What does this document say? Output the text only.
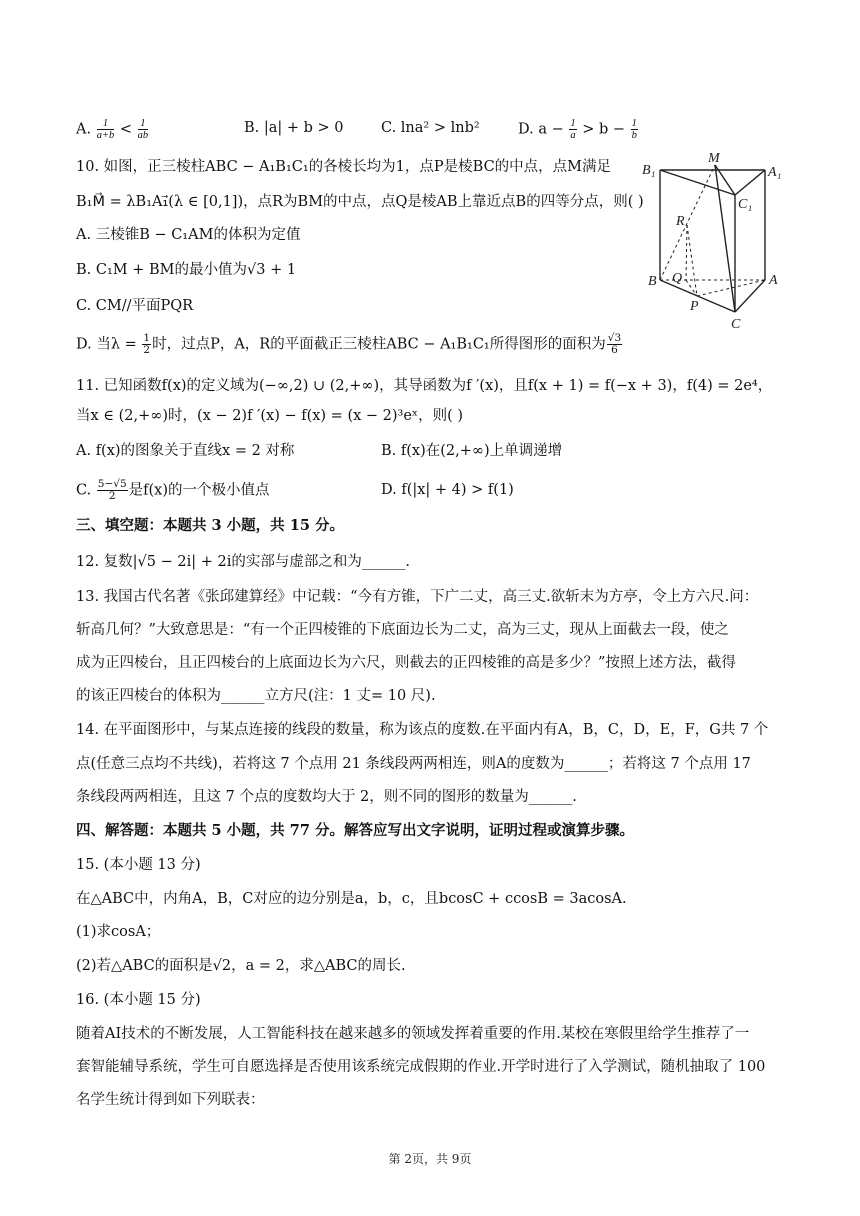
A. $\frac{1}{a+b} < \frac{1}{ab}$	B. |a| + b > 0	C. lna² > lnb²	D. $a - \frac{1}{a} > b - \frac{1}{b}$
10. 如图，正三棱柱ABC − A₁B₁C₁的各棱长均为1，点P是棱BC的中点，点M满足
B₁M⃗ = λB₁A₁⃗(λ ∈ [0,1])，点R为BM的中点，点Q是棱AB上靠近点B的四等分点，则( )
A. 三棱锥B − C₁AM的体积为定值
B. C₁M + BM的最小值为√3 + 1
C. CM//平面PQR
D. 当$\lambda = \frac{1}{2}$ 时，过点P，A，R的平面截正三棱柱ABC − A₁B₁C₁所得图形的面积为 $\frac{√3}{6}$
B₁
M
A₁
C₁
R
B Q
P
A
C
11. 已知函数f(x)的定义域为(−∞,2) ∪ (2,+∞)，其导函数为f ′(x)，且f(x + 1) = f(−x + 3)，f(4) = 2e⁴，
当x ∈ (2,+∞)时，(x − 2)f ′(x) − f(x) = (x − 2)³eˣ，则( )
A. f(x)的图象关于直线x = 2 对称	B. f(x)在(2,+∞)上单调递增
C. $\frac{5-√5}{2}$ 是f(x)的一个极小值点	D. f(|x| + 4) > f(1)
三、填空题：本题共 3 小题，共 15 分。
12. 复数|√5 − 2i| + 2i的实部与虚部之和为______.
13. 我国古代名著《张邱建算经》中记载：“今有方锥，下广二丈，高三丈.欲斩末为方亭，令上方六尺.问：
斩高几何？”大致意思是：“有一个正四棱锥的下底面边长为二丈，高为三丈，现从上面截去一段，使之
成为正四棱台，且正四棱台的上底面边长为六尺，则截去的正四棱锥的高是多少？”按照上述方法，截得
的该正四棱台的体积为______立方尺(注：1 丈= 10 尺).
14. 在平面图形中，与某点连接的线段的数量，称为该点的度数.在平面内有A，B，C，D，E，F，G共 7 个
点(任意三点均不共线)，若将这 7 个点用 21 条线段两两相连，则A的度数为______；若将这 7 个点用 17
条线段两两相连，且这 7 个点的度数均大于 2，则不同的图形的数量为______.
四、解答题：本题共 5 小题，共 77 分。解答应写出文字说明，证明过程或演算步骤。
15. (本小题 13 分)
在△ABC中，内角A，B，C对应的边分别是a，b，c，且bcosC + ccosB = 3acosA.
(1)求cosA；
(2)若△ABC的面积是√2，a = 2，求△ABC的周长.
16. (本小题 15 分)
随着AI技术的不断发展，人工智能科技在越来越多的领域发挥着重要的作用.某校在寒假里给学生推荐了一
套智能辅导系统，学生可自愿选择是否使用该系统完成假期的作业.开学时进行了入学测试，随机抽取了 100
名学生统计得到如下列联表：
第 2页，共 9页
